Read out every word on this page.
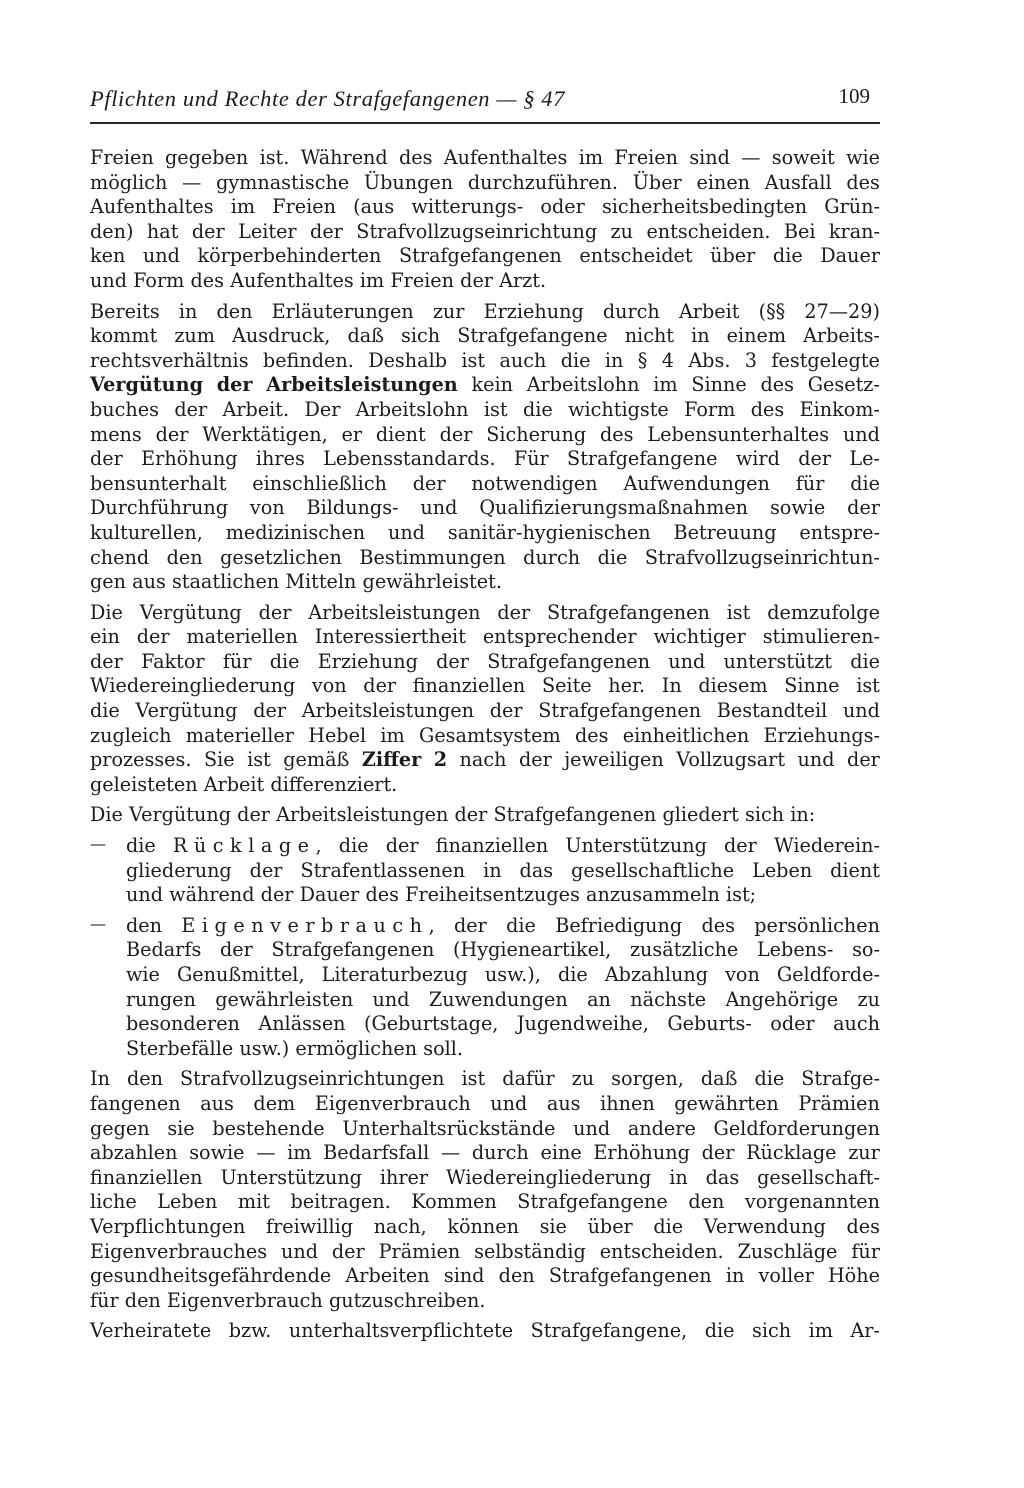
Pflichten und Rechte der Strafgefangenen — § 47	109
Freien gegeben ist. Während des Aufenthaltes im Freien sind — soweit wie
möglich — gymnastische Übungen durchzuführen. Über einen Ausfall des
Aufenthaltes im Freien (aus witterungs- oder sicherheitsbedingten Grün-
den) hat der Leiter der Strafvollzugseinrichtung zu entscheiden. Bei kran-
ken und körperbehinderten Strafgefangenen entscheidet über die Dauer
und Form des Aufenthaltes im Freien der Arzt.
Bereits in den Erläuterungen zur Erziehung durch Arbeit (§§ 27—29)
kommt zum Ausdruck, daß sich Strafgefangene nicht in einem Arbeits-
rechtsverhältnis befinden. Deshalb ist auch die in § 4 Abs. 3 festgelegte
Vergütung der Arbeitsleistungen kein Arbeitslohn im Sinne des Gesetz-
buches der Arbeit. Der Arbeitslohn ist die wichtigste Form des Einkom-
mens der Werktätigen, er dient der Sicherung des Lebensunterhaltes und
der Erhöhung ihres Lebensstandards. Für Strafgefangene wird der Le-
bensunterhalt einschließlich der notwendigen Aufwendungen für die
Durchführung von Bildungs- und Qualifizierungsmaßnahmen sowie der
kulturellen, medizinischen und sanitär-hygienischen Betreuung entspre-
chend den gesetzlichen Bestimmungen durch die Strafvollzugseinrichtun-
gen aus staatlichen Mitteln gewährleistet.
Die Vergütung der Arbeitsleistungen der Strafgefangenen ist demzufolge
ein der materiellen Interessiertheit entsprechender wichtiger stimulieren-
der Faktor für die Erziehung der Strafgefangenen und unterstützt die
Wiedereingliederung von der finanziellen Seite her. In diesem Sinne ist
die Vergütung der Arbeitsleistungen der Strafgefangenen Bestandteil und
zugleich materieller Hebel im Gesamtsystem des einheitlichen Erziehungs-
prozesses. Sie ist gemäß Ziffer 2 nach der jeweiligen Vollzugsart und der
geleisteten Arbeit differenziert.
Die Vergütung der Arbeitsleistungen der Strafgefangenen gliedert sich in:
— die Rücklage, die der finanziellen Unterstützung der Wiederein-
gliederung der Strafentlassenen in das gesellschaftliche Leben dient
und während der Dauer des Freiheitsentzuges anzusammeln ist;
— den Eigenverbrauch, der die Befriedigung des persönlichen
Bedarfs der Strafgefangenen (Hygieneartikel, zusätzliche Lebens- so-
wie Genußmittel, Literaturbezug usw.), die Abzahlung von Geldforde-
rungen gewährleisten und Zuwendungen an nächste Angehörige zu
besonderen Anlässen (Geburtstage, Jugendweihe, Geburts- oder auch
Sterbefälle usw.) ermöglichen soll.
In den Strafvollzugseinrichtungen ist dafür zu sorgen, daß die Strafge-
fangenen aus dem Eigenverbrauch und aus ihnen gewährten Prämien
gegen sie bestehende Unterhaltsrückstände und andere Geldforderungen
abzahlen sowie — im Bedarfsfall — durch eine Erhöhung der Rücklage zur
finanziellen Unterstützung ihrer Wiedereingliederung in das gesellschaft-
liche Leben mit beitragen. Kommen Strafgefangene den vorgenannten
Verpflichtungen freiwillig nach, können sie über die Verwendung des
Eigenverbrauches und der Prämien selbständig entscheiden. Zuschläge für
gesundheitsgefährdende Arbeiten sind den Strafgefangenen in voller Höhe
für den Eigenverbrauch gutzuschreiben.
Verheiratete bzw. unterhaltsverpflichtete Strafgefangene, die sich im Ar-
